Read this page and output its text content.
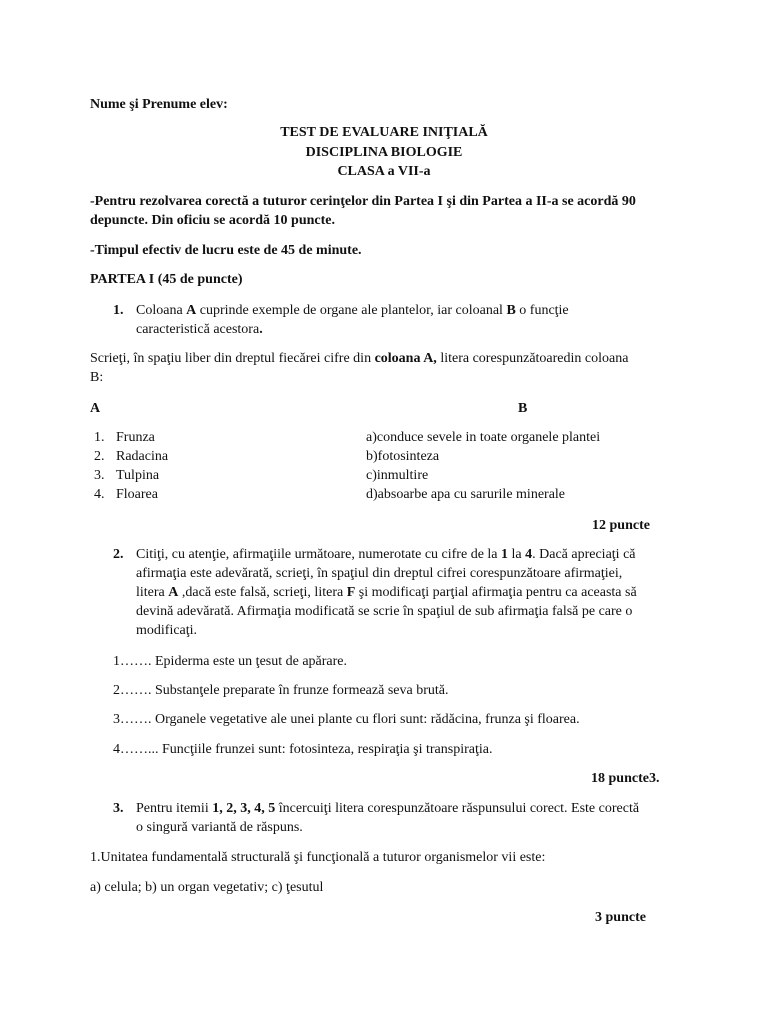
Nume şi Prenume elev:
TEST DE EVALUARE INIŢIALĂ
DISCIPLINA BIOLOGIE
CLASA a VII-a
-Pentru rezolvarea corectă a tuturor cerinţelor din Partea I şi din Partea a II-a se acordă 90
depuncte. Din oficiu se acordă 10 puncte.
-Timpul efectiv de lucru este de 45 de minute.
PARTEA I (45 de puncte)
1. Coloana A cuprinde exemple de organe ale plantelor, iar coloanal B o funcţie
caracteristică acestora.
Scrieţi, în spaţiu liber din dreptul fiecărei cifre din coloana A, litera corespunzătoaredin coloana
B:
A	B
1. Frunza
2. Radacina
3. Tulpina
4. Floarea
a)conduce sevele in toate organele plantei
b)fotosinteza
c)inmultire
d)absoarbe apa cu sarurile minerale
12 puncte
2. Citiţi, cu atenţie, afirmaţiile următoare, numerotate cu cifre de la 1 la 4. Dacă apreciaţi că
afirmaţia este adevărată, scrieţi, în spaţiul din dreptul cifrei corespunzătoare afirmaţiei,
litera A ,dacă este falsă, scrieţi, litera F şi modificaţi parţial afirmaţia pentru ca aceasta să
devină adevărată. Afirmaţia modificată se scrie în spaţiul de sub afirmaţia falsă pe care o
modificaţi.
1……. Epiderma este un ţesut de apărare.
2……. Substanţele preparate în frunze formează seva brută.
3……. Organele vegetative ale unei plante cu flori sunt: rădăcina, frunza şi floarea.
4……... Funcţiile frunzei sunt: fotosinteza, respiraţia şi transpiraţia.
18 puncte3.
3. Pentru itemii 1, 2, 3, 4, 5 încercuiţi litera corespunzătoare răspunsului corect. Este corectă
o singură variantă de răspuns.
1.Unitatea fundamentală structurală şi funcţională a tuturor organismelor vii este:
a) celula; b) un organ vegetativ; c) ţesutul
3 puncte
